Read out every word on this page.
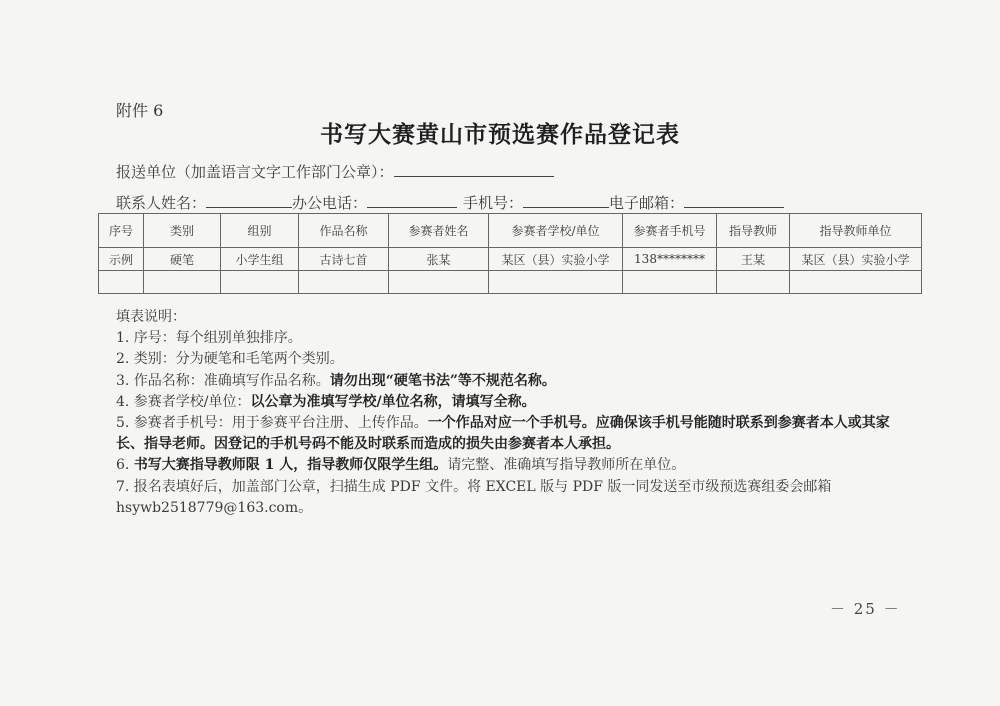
附件 6
书写大赛黄山市预选赛作品登记表
报送单位（加盖语言文字工作部门公章）：
联系人姓名：	办公电话：	手机号：	电子邮箱：
序号	类别	组别	作品名称	参赛者姓名	参赛者学校/单位	参赛者手机号	指导教师	指导教师单位
示例	硬笔	小学生组	古诗七首	张某	某区（县）实验小学	138********	王某	某区（县）实验小学

填表说明：

1. 序号：每个组别单独排序。

2. 类别：分为硬笔和毛笔两个类别。

3. 作品名称：准确填写作品名称。请勿出现“硬笔书法”等不规范名称。

4. 参赛者学校/单位：以公章为准填写学校/单位名称，请填写全称。

5. 参赛者手机号：用于参赛平台注册、上传作品。一个作品对应一个手机号。应确保该手机号能随时联系到参赛者本人或其家长、指导老师。因登记的手机号码不能及时联系而造成的损失由参赛者本人承担。

6. 书写大赛指导教师限 1 人，指导教师仅限学生组。请完整、准确填写指导教师所在单位。

7. 报名表填好后，加盖部门公章，扫描生成 PDF 文件。将 EXCEL 版与 PDF 版一同发送至市级预选赛组委会邮箱 hsywb2518779@163.com。

－ 25 －
